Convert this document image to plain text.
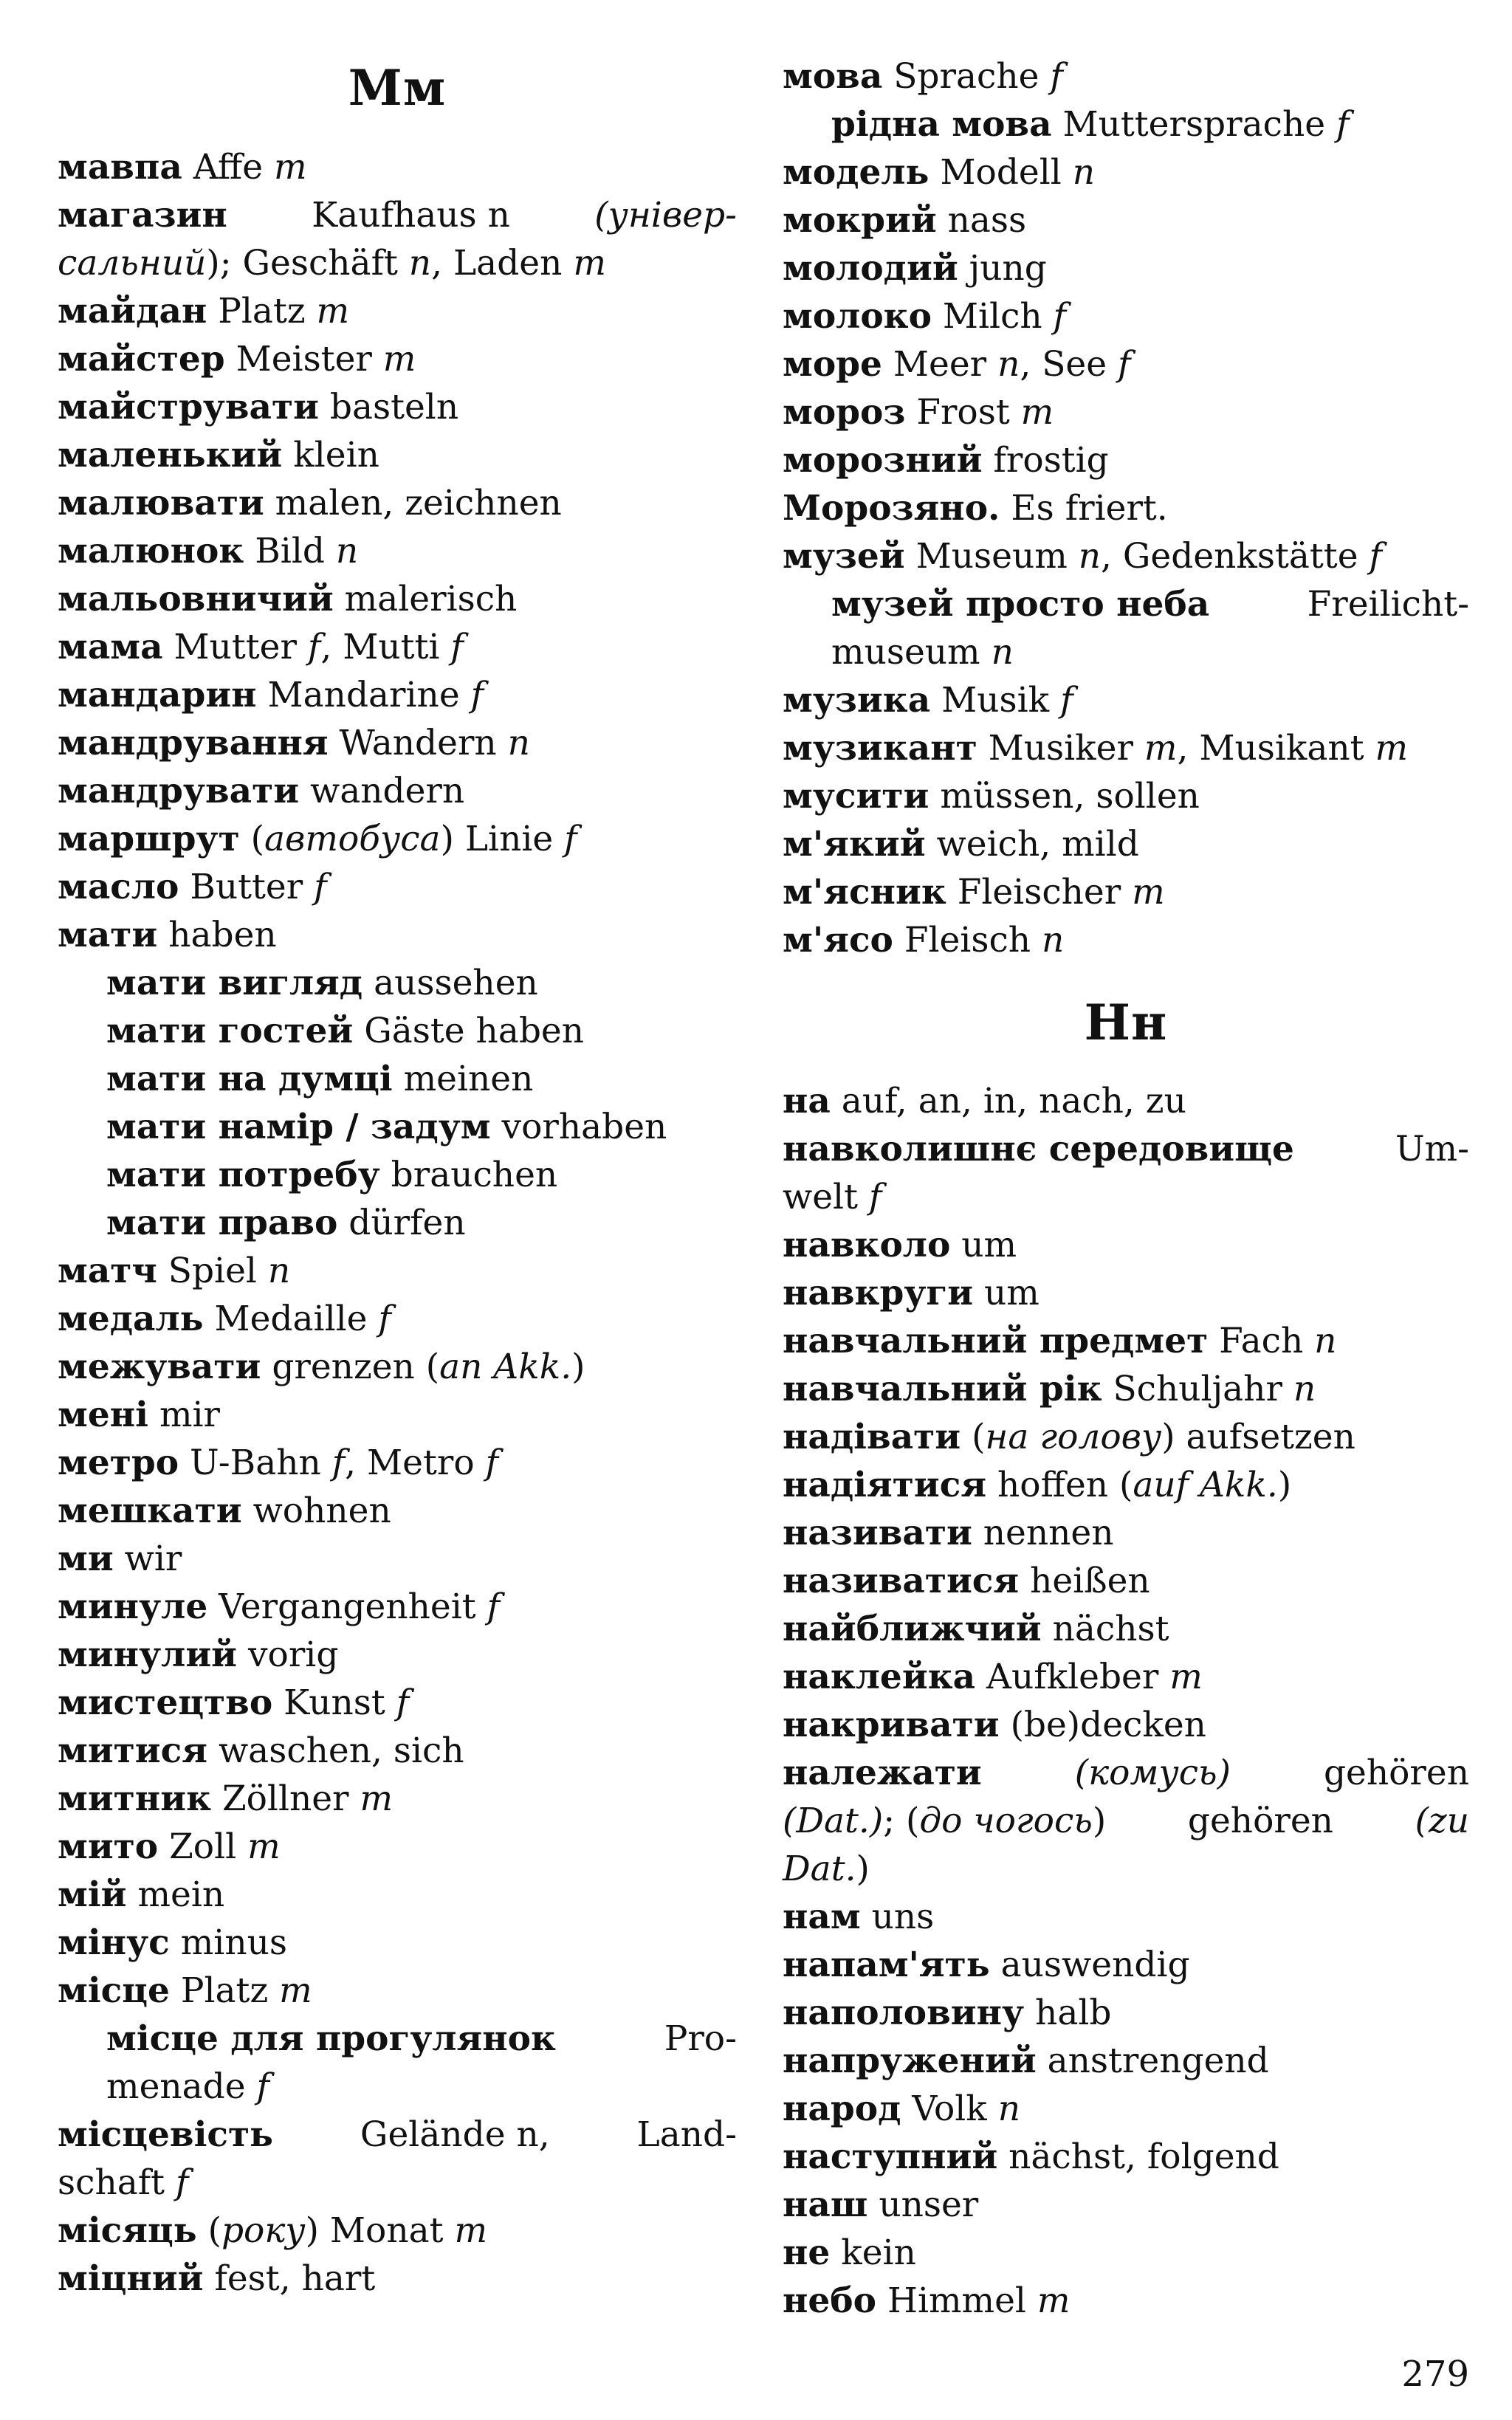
Мм
мавпа Affe m
магазин Kaufhaus n (універ-
сальний); Geschäft n, Laden m
майдан Platz m
майстер Meister m
майструвати basteln
маленький klein
малювати malen, zeichnen
малюнок Bild n
мальовничий malerisch
мама Mutter f, Mutti f
мандарин Mandarine f
мандрування Wandern n
мандрувати wandern
маршрут (автобуса) Linie f
масло Butter f
мати haben
мати вигляд aussehen
мати гостей Gäste haben
мати на думці meinen
мати намір / задум vorhaben
мати потребу brauchen
мати право dürfen
матч Spiel n
медаль Medaille f
межувати grenzen (an Akk.)
мені mir
метро U-Bahn f, Metro f
мешкати wohnen
ми wir
минуле Vergangenheit f
минулий vorig
мистецтво Kunst f
митися waschen, sich
митник Zöllner m
мито Zoll m
мій mein
мінус minus
місце Platz m
місце для прогулянок	Pro-
menade f
місцевість	Gelände n,	Land-
schaft f
місяць (року) Monat m
міцний fest, hart
мова Sprache f
рідна мова Muttersprache f
модель Modell n
мокрий nass
молодий jung
молоко Milch f
море Meer n, See f
мороз Frost m
морозний frostig
Морозяно. Es friert.
музей Museum n, Gedenkstätte f
музей просто неба	Freilicht-
museum n
музика Musik f
музикант Musiker m, Musikant m
мусити müssen, sollen
м'який weich, mild
м'ясник Fleischer m
м'ясо Fleisch n
Нн
на auf, an, in, nach, zu
навколишнє середовище	Um-
welt f
навколо um
навкруги um
навчальний предмет Fach n
навчальний рік Schuljahr n
надівати (на голову) aufsetzen
надіятися hoffen (auf Akk.)
називати nennen
називатися heißen
найближчий nächst
наклейка Aufkleber m
накривати (be)decken
належати	(комусь)	gehören
(Dat.); (до чогось) gehören (zu
Dat.)
нам uns
напам'ять auswendig
наполовину halb
напружений anstrengend
народ Volk n
наступний nächst, folgend
наш unser
не kein
небо Himmel m
279
